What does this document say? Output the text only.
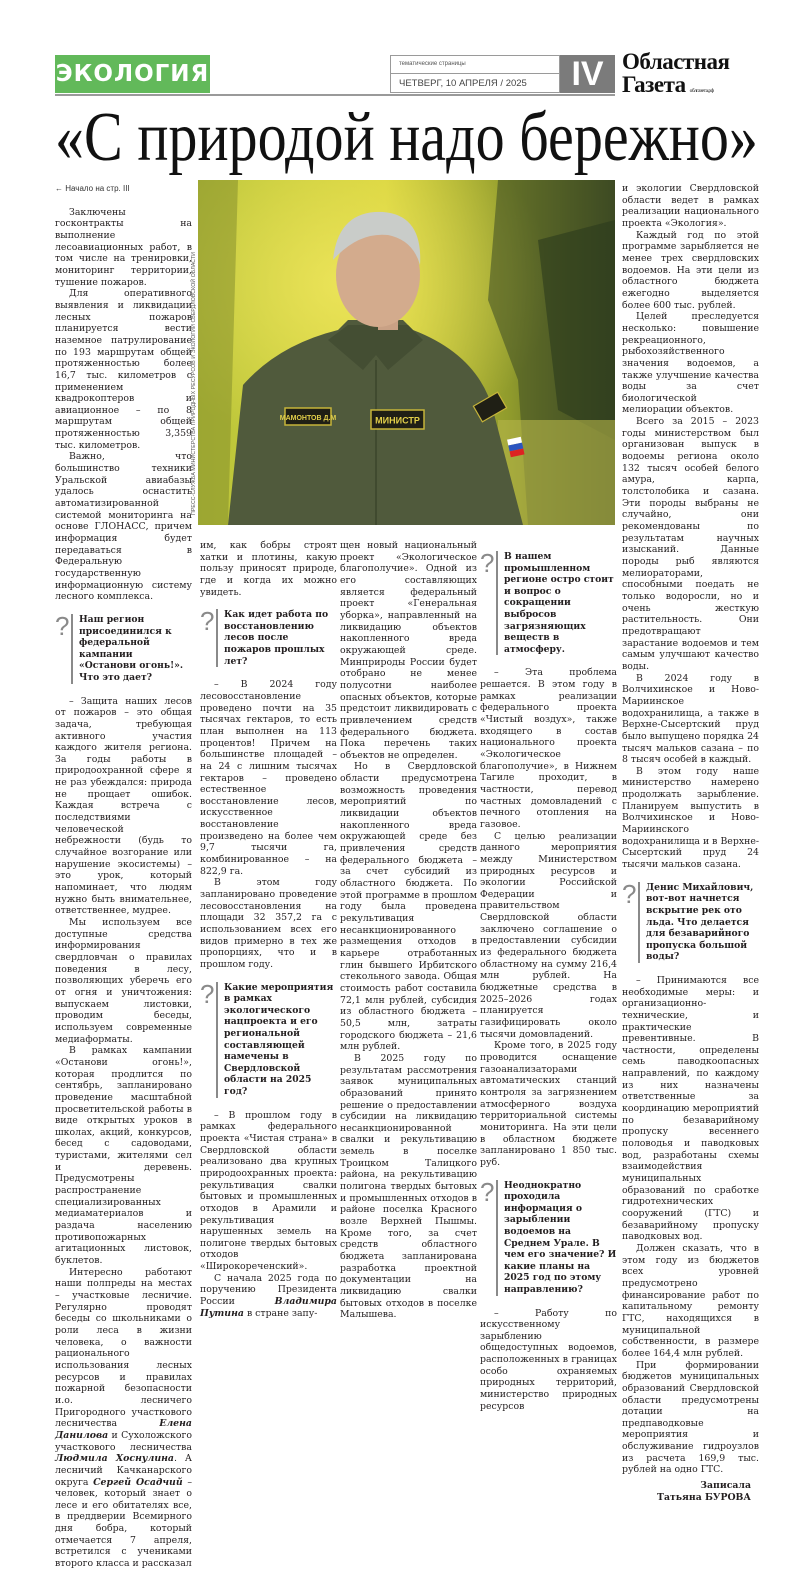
ЭКОЛОГИЯ	тематические страницы
ЧЕТВЕРГ, 10 АПРЕЛЯ / 2025	IV Областная
Газета облгазета.рф
«С природой надо бережно»
МАМОНТОВ Д.М	МИНИСТР
ПРЕСС-СЛУЖБА МИНИСТЕРСТВА ПРИРОДНЫХ РЕСУРСОВ И ЭКОЛОГИИ СВЕРДЛОВСКОЙ ОБЛАСТИ
← Начало на стр. III

Заключены госконтракты на выполнение лесоавиационных работ, в том числе на тренировки, мониторинг территории, тушение пожаров.

Для оперативного выявления и ликвидации лесных пожаров планируется вести наземное патрулирование по 193 маршрутам общей протяженностью более 16,7 тыс. километров с применением квадрокоптеров и авиационное – по 8 маршрутам общей протяженностью 3,359 тыс. километров.

Важно, что большинство техники Уральской авиабазы удалось оснастить автоматизированной системой мониторинга на основе ГЛОНАСС, причем информация будет передаваться в Федеральную государственную информационную систему лесного комплекса.

?	Наш регион присоединился к федеральной кампании «Останови огонь!». Что это дает?

– Защита наших лесов от пожаров – это общая задача, требующая активного участия каждого жителя региона. За годы работы в природоохранной сфере я не раз убеждался: природа не прощает ошибок. Каждая встреча с последствиями человеческой небрежности (будь то случайное возгорание или нарушение экосистемы) – это урок, который напоминает, что людям нужно быть внимательнее, ответственнее, мудрее.

Мы используем все доступные средства информирования свердловчан о правилах поведения в лесу, позволяющих уберечь его от огня и уничтожения: выпускаем листовки, проводим беседы, используем современные медиаформаты.

В рамках кампании «Останови огонь!», которая продлится по сентябрь, запланировано проведение масштабной просветительской работы в виде открытых уроков в школах, акций, конкурсов, бесед с садоводами, туристами, жителями сел и деревень. Предусмотрены распространение специализированных медиаматериалов и раздача населению противопожарных агитационных листовок, буклетов.

Интересно работают наши полпреды на местах – участковые лесничие. Регулярно проводят беседы со школьниками о роли леса в жизни человека, о важности рационального использования лесных ресурсов и правилах пожарной безопасности и.о. лесничего Пригородного участкового лесничества Елена Данилова и Сухоложского участкового лесничества Людмила Хоснулина. А лесничий Качканарского округа Сергей Осадчий – человек, который знает о лесе и его обитателях все, в преддверии Всемирного дня бобра, который отмечается 7 апреля, встретился с учениками второго класса и рассказал

им, как бобры строят хатки и плотины, какую пользу приносят природе, где и когда их можно увидеть.

?	Как идет работа по восстановлению лесов после пожаров прошлых лет?

– В 2024 году лесовосстановление проведено почти на 35 тысячах гектаров, то есть план выполнен на 113 процентов! Причем на большинстве площадей – на 24 с лишним тысячах гектаров – проведено естественное восстановление лесов, искусственное восстановление произведено на более чем 9,7 тысячи га, комбинированное – на 822,9 га.

В этом году запланировано проведение лесовосстановления на площади 32 357,2 га с использованием всех его видов примерно в тех же пропорциях, что и в прошлом году.

?	Какие мероприятия в рамках экологического нацпроекта и его региональной составляющей намечены в Свердловской области на 2025 год?

– В прошлом году в рамках федерального проекта «Чистая страна» в Свердловской области реализовано два крупных природоохранных проекта: рекультивация свалки бытовых и промышленных отходов в Арамили и рекультивация нарушенных земель на полигоне твердых бытовых отходов «Широкореченский».

С начала 2025 года по поручению Президента России Владимира Путина в стране запу-

щен новый национальный проект «Экологическое благополучие». Одной из его составляющих является федеральный проект «Генеральная уборка», направленный на ликвидацию объектов накопленного вреда окружающей среде. Минприроды России будет отобрано не менее полусотни наиболее опасных объектов, которые предстоит ликвидировать с привлечением средств федерального бюджета. Пока перечень таких объектов не определен.

Но в Свердловской области предусмотрена возможность проведения мероприятий по ликвидации объектов накопленного вреда окружающей среде без привлечения средств федерального бюджета – за счет субсидий из областного бюджета. По этой программе в прошлом году была проведена рекультивация несанкционированного размещения отходов в карьере отработанных глин бывшего Ирбитского стекольного завода. Общая стоимость работ составила 72,1 млн рублей, субсидия из областного бюджета – 50,5 млн, затраты городского бюджета – 21,6 млн рублей.

В 2025 году по результатам рассмотрения заявок муниципальных образований принято решение о предоставлении субсидии на ликвидацию несанкционированной свалки и рекультивацию земель в поселке Троицком Талицкого района, на рекультивацию полигона твердых бытовых и промышленных отходов в районе поселка Красного возле Верхней Пышмы. Кроме того, за счет средств областного бюджета запланирована разработка проектной документации на ликвидацию свалки бытовых отходов в поселке Малышева.

?	В нашем промышленном регионе остро стоит и вопрос о сокращении выбросов загрязняющих веществ в атмосферу.

– Эта проблема решается. В этом году в рамках реализации федерального проекта «Чистый воздух», также входящего в состав национального проекта «Экологическое благополучие», в Нижнем Тагиле проходит, в частности, перевод частных домовладений с печного отопления на газовое.

С целью реализации данного мероприятия между Министерством природных ресурсов и экологии Российской Федерации и правительством Свердловской области заключено соглашение о предоставлении субсидии из федерального бюджета областному на сумму 216,4 млн рублей. На бюджетные средства в 2025–2026 годах планируется газифицировать около тысячи домовладений.

Кроме того, в 2025 году проводится оснащение газоанализаторами автоматических станций контроля за загрязнением атмосферного воздуха территориальной системы мониторинга. На эти цели в областном бюджете запланировано 1 850 тыс. руб.

?	Неоднократно проходила информация о зарыблении водоемов на Среднем Урале. В чем его значение? И какие планы на 2025 год по этому направлению?

– Работу по искусственному зарыблению общедоступных водоемов, расположенных в границах особо охраняемых природных территорий, министерство природных ресурсов

и экологии Свердловской области ведет в рамках реализации национального проекта «Экология».

Каждый год по этой программе зарыбляется не менее трех свердловских водоемов. На эти цели из областного бюджета ежегодно выделяется более 600 тыс. рублей.

Целей преследуется несколько: повышение рекреационного, рыбохозяйственного значения водоемов, а также улучшение качества воды за счет биологической мелиорации объектов.

Всего за 2015 – 2023 годы министерством был организован выпуск в водоемы региона около 132 тысяч особей белого амура, карпа, толстолобика и сазана. Эти породы выбраны не случайно, они рекомендованы по результатам научных изысканий. Данные породы рыб являются мелиораторами, способными поедать не только водоросли, но и очень жесткую растительность. Они предотвращают зарастание водоемов и тем самым улучшают качество воды.

В 2024 году в Волчихинское и Ново-Мариинское водохранилища, а также в Верхне-Сысертский пруд было выпущено порядка 24 тысяч мальков сазана – по 8 тысяч особей в каждый.

В этом году наше министерство намерено продолжать зарыбление. Планируем выпустить в Волчихинское и Ново-Мариинского водохранилища и в Верхне-Сысертский пруд 24 тысячи мальков сазана.

?	Денис Михайлович, вот-вот начнется вскрытие рек ото льда. Что делается для безаварийного пропуска большой воды?

– Принимаются все необходимые меры: и организационно-технические, и практические превентивные. В частности, определены семь паводкоопасных направлений, по каждому из них назначены ответственные за координацию мероприятий по безаварийному пропуску весеннего половодья и паводковых вод, разработаны схемы взаимодействия муниципальных образований по сработке гидротехнических сооружений (ГТС) и безаварийному пропуску паводковых вод.

Должен сказать, что в этом году из бюджетов всех уровней предусмотрено финансирование работ по капитальному ремонту ГТС, находящихся в муниципальной собственности, в размере более 164,4 млн рублей.

При формировании бюджетов муниципальных образований Свердловской области предусмотрены дотации на предпаводковые мероприятия и обслуживание гидроузлов из расчета 169,9 тыс. рублей на одно ГТС.

Записала
Татьяна БУРОВА
